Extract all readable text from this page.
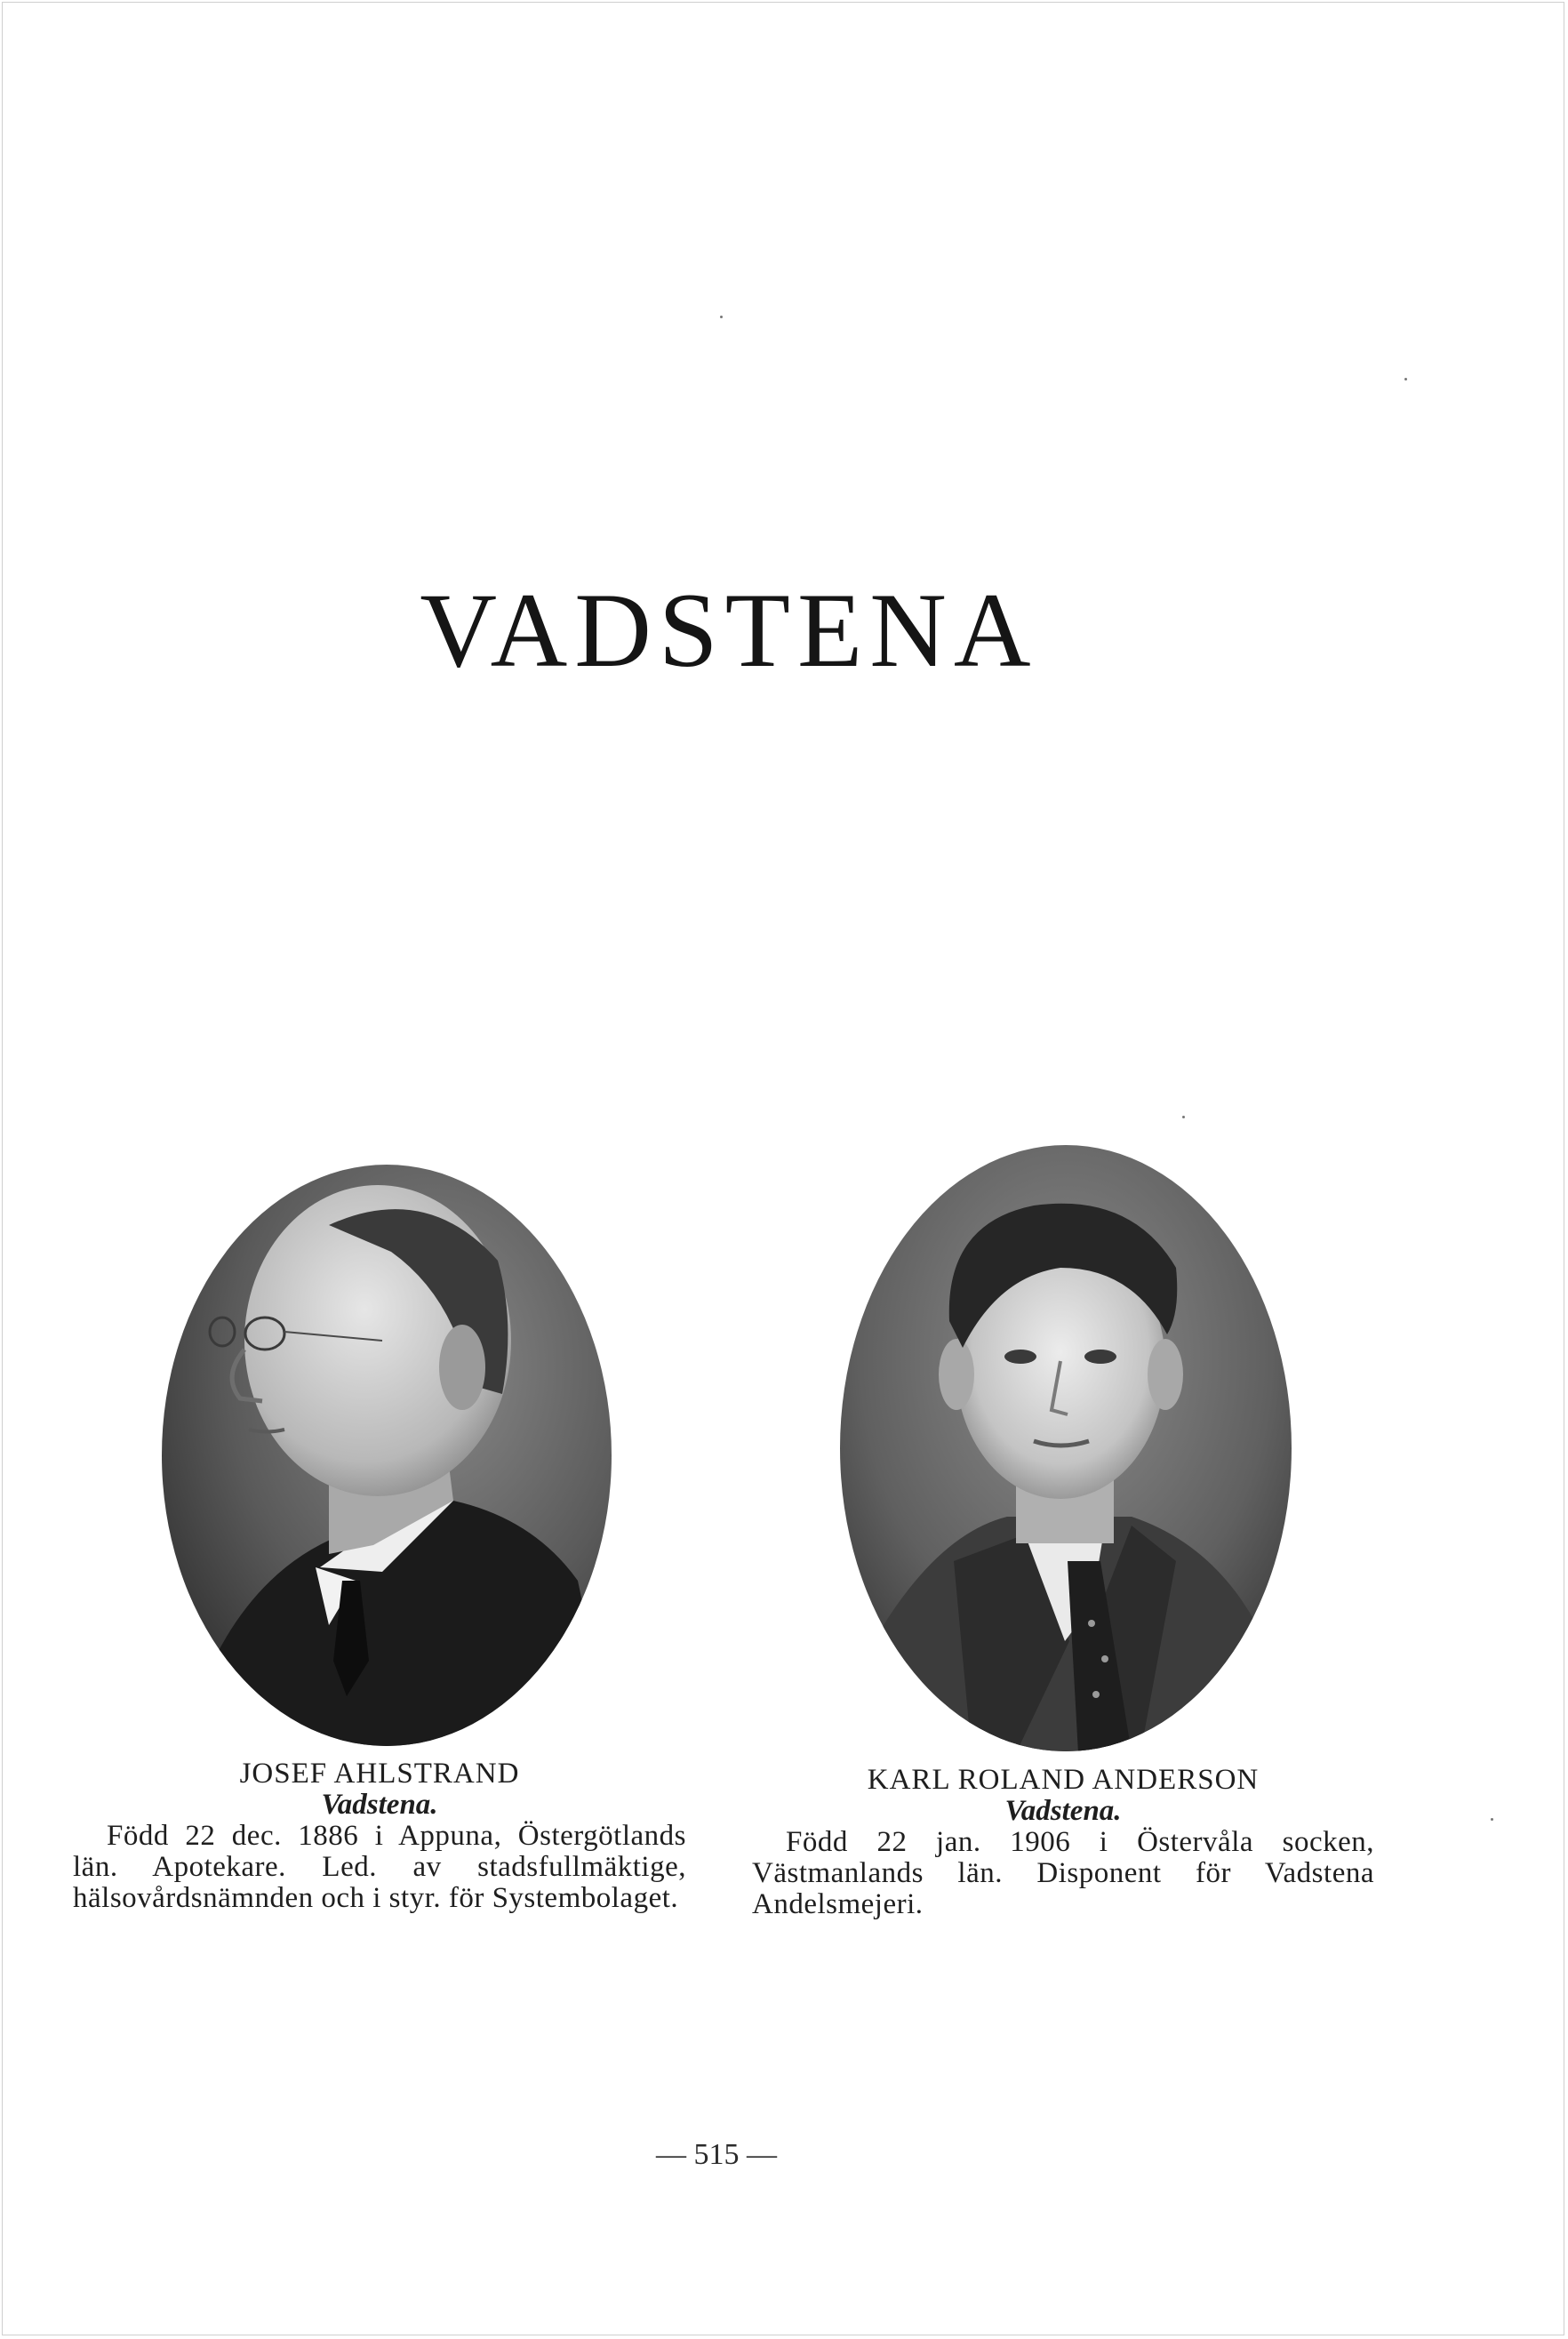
VADSTENA

JOSEF AHLSTRAND

Vadstena.

Född 22 dec. 1886 i Appuna, Östergötlands län. Apotekare. Led. av stadsfullmäktige, hälsovårdsnämnden och i styr. för Systembolaget.

KARL ROLAND ANDERSON

Vadstena.

Född 22 jan. 1906 i Östervåla socken, Västmanlands län. Disponent för Vadstena Andelsmejeri.

— 515 —
